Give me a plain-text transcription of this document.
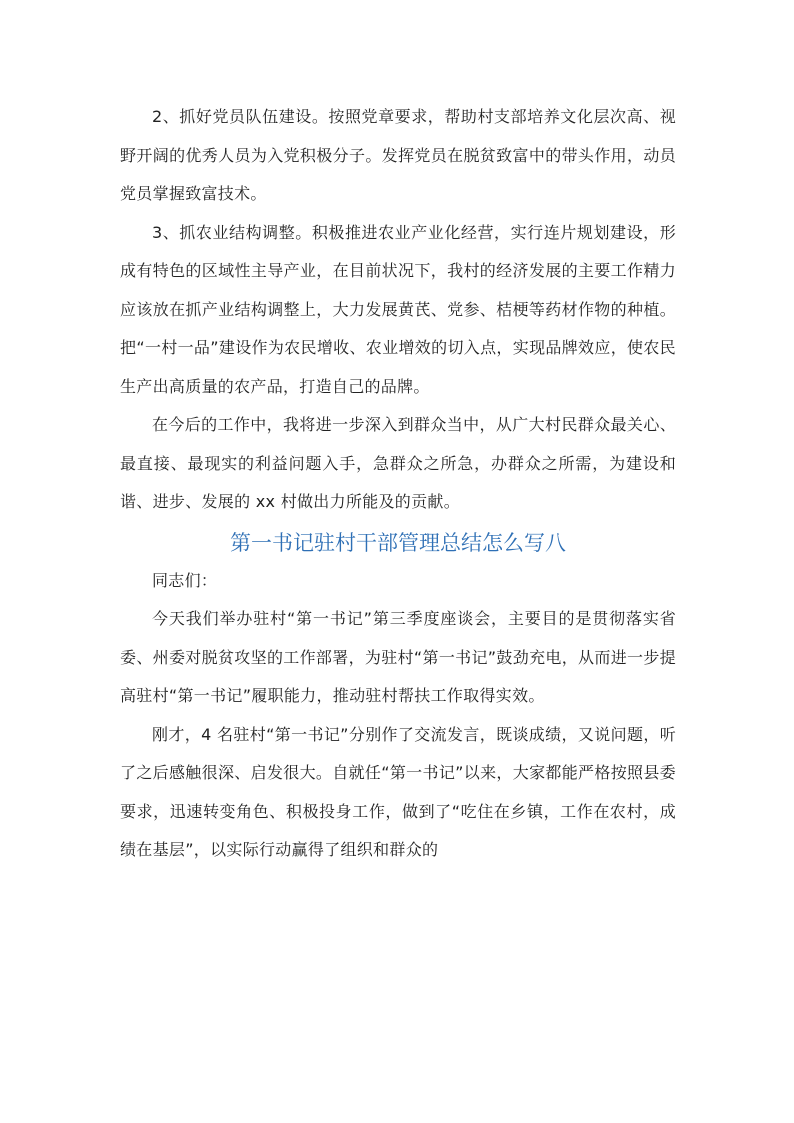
2、抓好党员队伍建设。按照党章要求，帮助村支部培养文化层次高、视野开阔的优秀人员为入党积极分子。发挥党员在脱贫致富中的带头作用，动员党员掌握致富技术。

3、抓农业结构调整。积极推进农业产业化经营，实行连片规划建设，形成有特色的区域性主导产业，在目前状况下，我村的经济发展的主要工作精力应该放在抓产业结构调整上，大力发展黄芪、党参、桔梗等药材作物的种植。把“一村一品”建设作为农民增收、农业增效的切入点，实现品牌效应，使农民生产出高质量的农产品，打造自己的品牌。

在今后的工作中，我将进一步深入到群众当中，从广大村民群众最关心、最直接、最现实的利益问题入手，急群众之所急，办群众之所需，为建设和谐、进步、发展的 xx 村做出力所能及的贡献。

第一书记驻村干部管理总结怎么写八

同志们：

今天我们举办驻村“第一书记”第三季度座谈会，主要目的是贯彻落实省委、州委对脱贫攻坚的工作部署，为驻村“第一书记”鼓劲充电，从而进一步提高驻村“第一书记”履职能力，推动驻村帮扶工作取得实效。

刚才，4 名驻村“第一书记”分别作了交流发言，既谈成绩，又说问题，听了之后感触很深、启发很大。自就任“第一书记”以来，大家都能严格按照县委要求，迅速转变角色、积极投身工作，做到了“吃住在乡镇，工作在农村，成绩在基层”，以实际行动赢得了组织和群众的
